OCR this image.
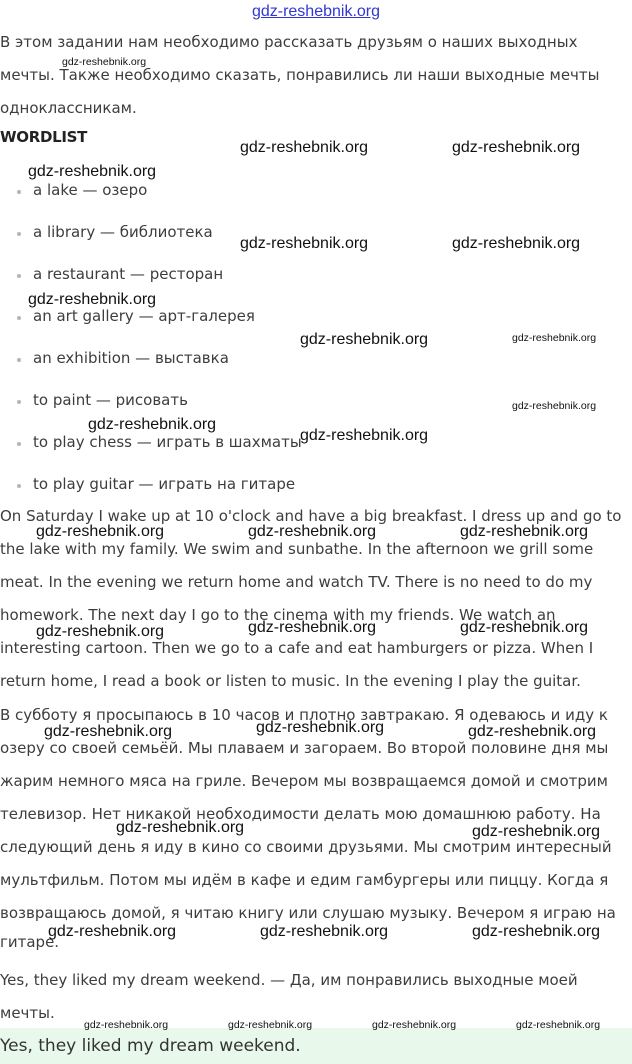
gdz-reshebnik.org
В этом задании нам необходимо рассказать друзьям о наших выходных
мечты. Также необходимо сказать, понравились ли наши выходные мечты
одноклассникам.
WORDLIST
a lake — озеро
a library — библиотека
a restaurant — ресторан
an art gallery — арт-галерея
an exhibition — выставка
to paint — рисовать
to play chess — играть в шахматы
to play guitar — играть на гитаре
On Saturday I wake up at 10 o'clock and have a big breakfast. I dress up and go to
the lake with my family. We swim and sunbathe. In the afternoon we grill some
meat. In the evening we return home and watch TV. There is no need to do my
homework. The next day I go to the cinema with my friends. We watch an
interesting cartoon. Then we go to a cafe and eat hamburgers or pizza. When I
return home, I read a book or listen to music. In the evening I play the guitar.
В субботу я просыпаюсь в 10 часов и плотно завтракаю. Я одеваюсь и иду к
озеру со своей семьёй. Мы плаваем и загораем. Во второй половине дня мы
жарим немного мяса на гриле. Вечером мы возвращаемся домой и смотрим
телевизор. Нет никакой необходимости делать мою домашнюю работу. На
следующий день я иду в кино со своими друзьями. Мы смотрим интересный
мультфильм. Потом мы идём в кафе и едим гамбургеры или пиццу. Когда я
возвращаюсь домой, я читаю книгу или слушаю музыку. Вечером я играю на
гитаре.
Yes, they liked my dream weekend. — Да, им понравились выходные моей
мечты.
Yes, they liked my dream weekend.
gdz-reshebnik.org
gdz-reshebnik.org	gdz-reshebnik.org
gdz-reshebnik.org
gdz-reshebnik.org	gdz-reshebnik.org
gdz-reshebnik.org
gdz-reshebnik.org	gdz-reshebnik.org
gdz-reshebnik.org
gdz-reshebnik.org
gdz-reshebnik.org
gdz-reshebnik.org	gdz-reshebnik.org	gdz-reshebnik.org
gdz-reshebnik.org	gdz-reshebnik.org	gdz-reshebnik.org
gdz-reshebnik.org	gdz-reshebnik.org	gdz-reshebnik.org
gdz-reshebnik.org	gdz-reshebnik.org
gdz-reshebnik.org	gdz-reshebnik.org	gdz-reshebnik.org
gdz-reshebnik.org	gdz-reshebnik.org	gdz-reshebnik.org	gdz-reshebnik.org
